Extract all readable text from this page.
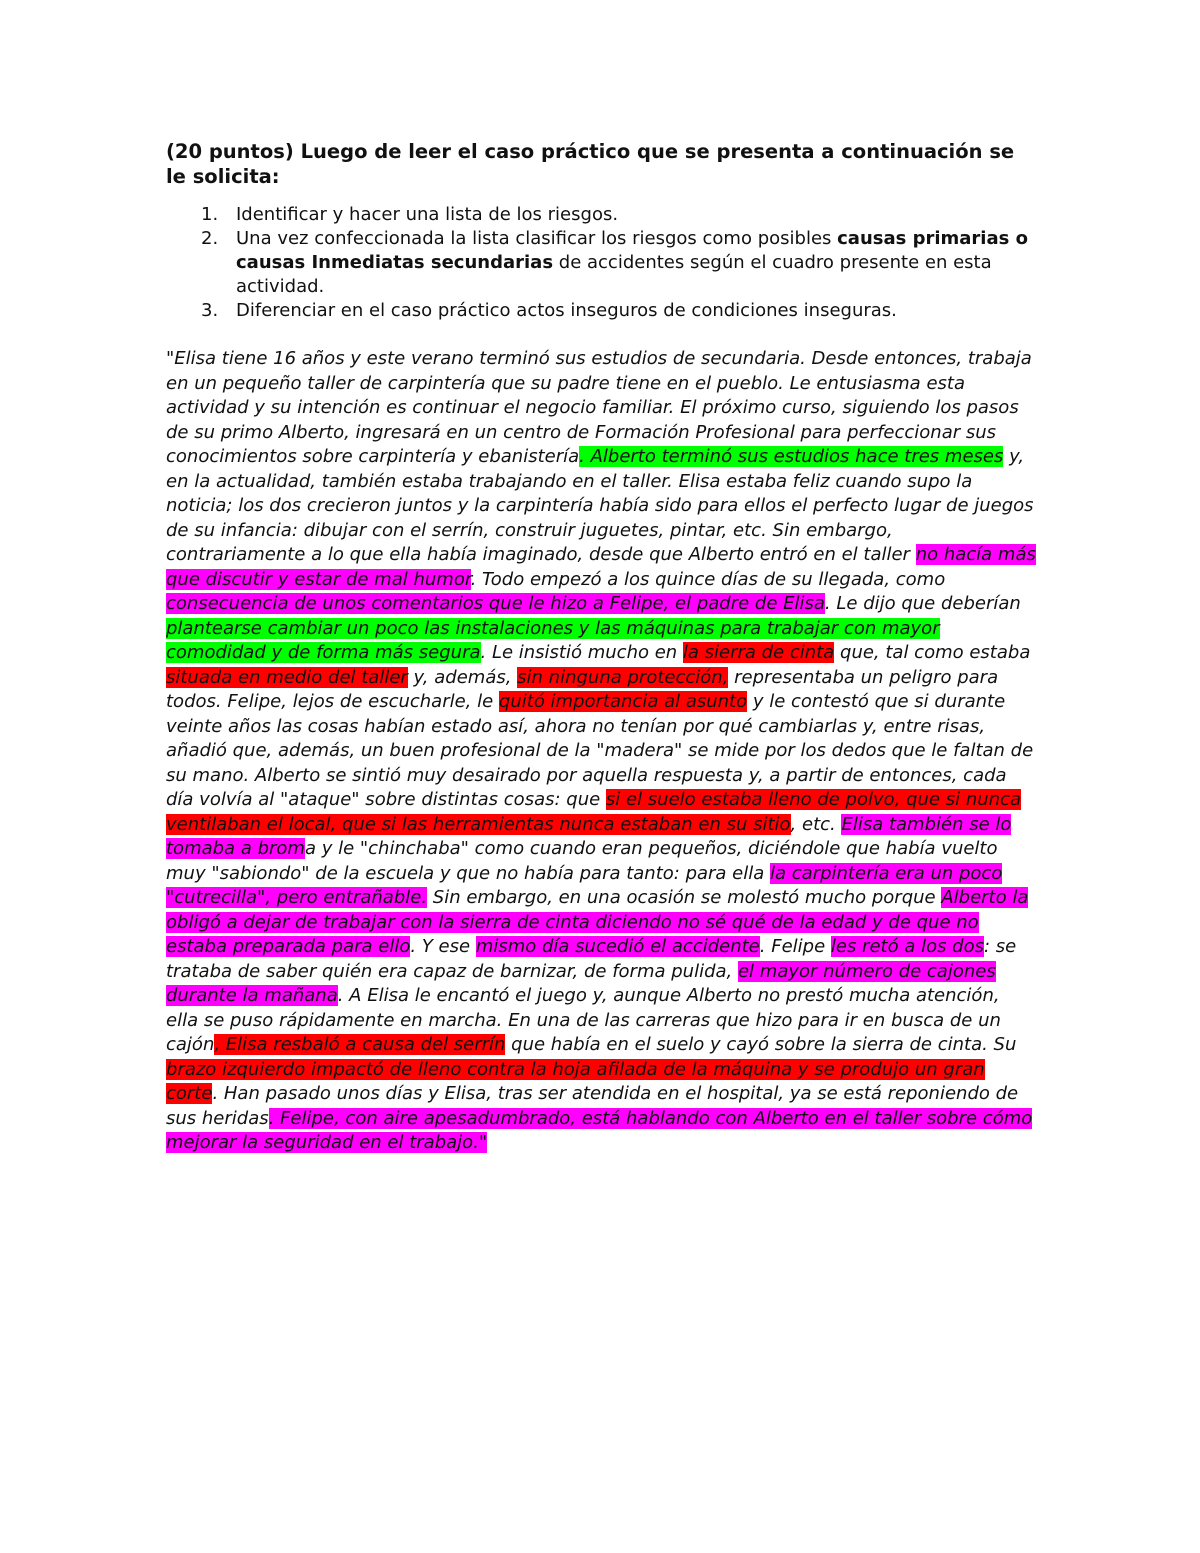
(20 puntos) Luego de leer el caso práctico que se presenta a continuación se le solicita:

1. Identificar y hacer una lista de los riesgos.
2. Una vez confeccionada la lista clasificar los riesgos como posibles causas primarias o causas Inmediatas secundarias de accidentes según el cuadro presente en esta actividad.
3. Diferenciar en el caso práctico actos inseguros de condiciones inseguras.

"Elisa tiene 16 años y este verano terminó sus estudios de secundaria. Desde entonces, trabaja en un pequeño taller de carpintería que su padre tiene en el pueblo. Le entusiasma esta actividad y su intención es continuar el negocio familiar. El próximo curso, siguiendo los pasos de su primo Alberto, ingresará en un centro de Formación Profesional para perfeccionar sus conocimientos sobre carpintería y ebanistería. Alberto terminó sus estudios hace tres meses y, en la actualidad, también estaba trabajando en el taller. Elisa estaba feliz cuando supo la noticia; los dos crecieron juntos y la carpintería había sido para ellos el perfecto lugar de juegos de su infancia: dibujar con el serrín, construir juguetes, pintar, etc. Sin embargo, contrariamente a lo que ella había imaginado, desde que Alberto entró en el taller no hacía más que discutir y estar de mal humor. Todo empezó a los quince días de su llegada, como consecuencia de unos comentarios que le hizo a Felipe, el padre de Elisa. Le dijo que deberían plantearse cambiar un poco las instalaciones y las máquinas para trabajar con mayor comodidad y de forma más segura. Le insistió mucho en la sierra de cinta que, tal como estaba situada en medio del taller y, además, sin ninguna protección, representaba un peligro para todos. Felipe, lejos de escucharle, le quitó importancia al asunto y le contestó que si durante veinte años las cosas habían estado así, ahora no tenían por qué cambiarlas y, entre risas, añadió que, además, un buen profesional de la "madera" se mide por los dedos que le faltan de su mano. Alberto se sintió muy desairado por aquella respuesta y, a partir de entonces, cada día volvía al "ataque" sobre distintas cosas: que si el suelo estaba lleno de polvo, que si nunca ventilaban el local, que si las herramientas nunca estaban en su sitio, etc. Elisa también se lo tomaba a broma y le "chinchaba" como cuando eran pequeños, diciéndole que había vuelto muy "sabiondo" de la escuela y que no había para tanto: para ella la carpintería era un poco "cutrecilla", pero entrañable. Sin embargo, en una ocasión se molestó mucho porque Alberto la obligó a dejar de trabajar con la sierra de cinta diciendo no sé qué de la edad y de que no estaba preparada para ello. Y ese mismo día sucedió el accidente. Felipe les retó a los dos: se trataba de saber quién era capaz de barnizar, de forma pulida, el mayor número de cajones durante la mañana. A Elisa le encantó el juego y, aunque Alberto no prestó mucha atención, ella se puso rápidamente en marcha. En una de las carreras que hizo para ir en busca de un cajón, Elisa resbaló a causa del serrín que había en el suelo y cayó sobre la sierra de cinta. Su brazo izquierdo impactó de lleno contra la hoja afilada de la máquina y se produjo un gran corte. Han pasado unos días y Elisa, tras ser atendida en el hospital, ya se está reponiendo de sus heridas. Felipe, con aire apesadumbrado, está hablando con Alberto en el taller sobre cómo mejorar la seguridad en el trabajo."
